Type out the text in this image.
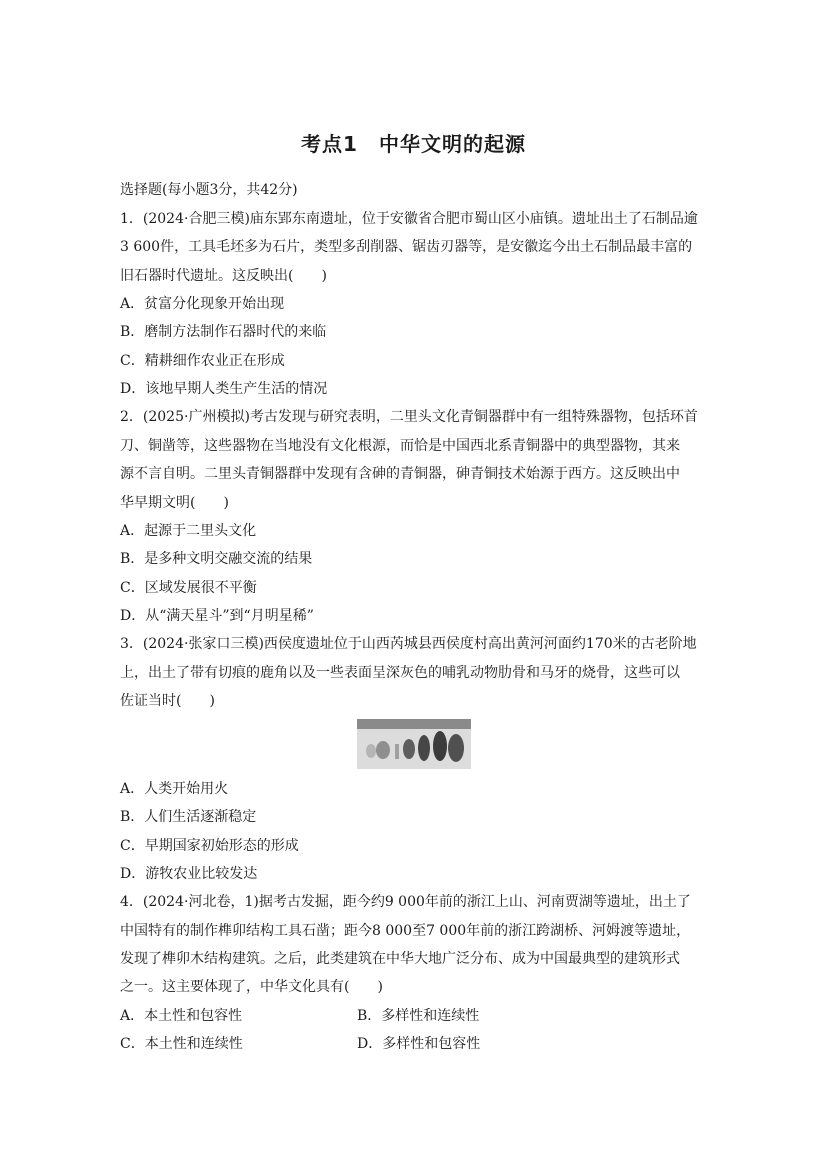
考点1　中华文明的起源
选择题(每小题3分，共42分)
1．(2024·合肥三模)庙东郢东南遗址，位于安徽省合肥市蜀山区小庙镇。遗址出土了石制品逾
3 600件，工具毛坯多为石片，类型多刮削器、锯齿刃器等，是安徽迄今出土石制品最丰富的
旧石器时代遗址。这反映出(　　)
A．贫富分化现象开始出现
B．磨制方法制作石器时代的来临
C．精耕细作农业正在形成
D．该地早期人类生产生活的情况
2．(2025·广州模拟)考古发现与研究表明，二里头文化青铜器群中有一组特殊器物，包括环首
刀、铜凿等，这些器物在当地没有文化根源，而恰是中国西北系青铜器中的典型器物，其来
源不言自明。二里头青铜器群中发现有含砷的青铜器，砷青铜技术始源于西方。这反映出中
华早期文明(　　)
A．起源于二里头文化
B．是多种文明交融交流的结果
C．区域发展很不平衡
D．从“满天星斗”到“月明星稀”
3．(2024·张家口三模)西侯度遗址位于山西芮城县西侯度村高出黄河河面约170米的古老阶地
上，出土了带有切痕的鹿角以及一些表面呈深灰色的哺乳动物肋骨和马牙的烧骨，这些可以
佐证当时(　　)
A．人类开始用火
B．人们生活逐渐稳定
C．早期国家初始形态的形成
D．游牧农业比较发达
4．(2024·河北卷，1)据考古发掘，距今约9 000年前的浙江上山、河南贾湖等遗址，出土了
中国特有的制作榫卯结构工具石凿；距今8 000至7 000年前的浙江跨湖桥、河姆渡等遗址，
发现了榫卯木结构建筑。之后，此类建筑在中华大地广泛分布、成为中国最典型的建筑形式
之一。这主要体现了，中华文化具有(　　)
A．本土性和包容性	B．多样性和连续性
C．本土性和连续性	D．多样性和包容性
